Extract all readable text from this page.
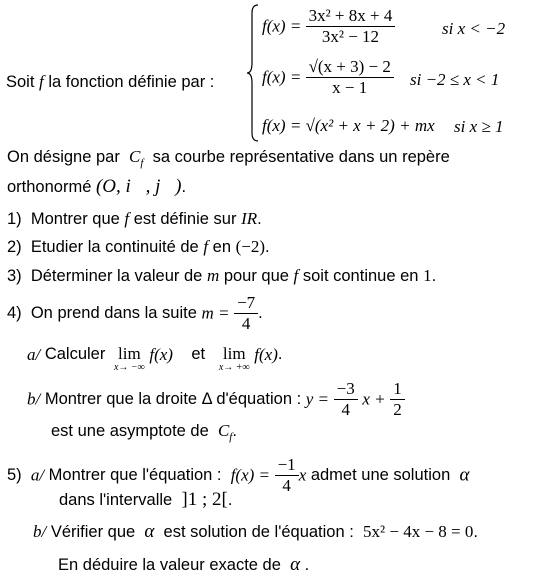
Soit f la fonction définie par :
$f(x) = \frac{\text{3x² + 8x + 4}}{\text{3x² − 12}}$	si x < −2
$f(x) = \frac{√(x + 3) - 2}{x - 1}$ si −2 ≤ x < 1
f(x) = √(x² + x + 2) + mx si x ≥ 1
On désigne par $C_f$ sa courbe représentative dans un repère
orthonormé (O, i⃗, j⃗).
1) Montrer que f est définie sur IR.
2) Etudier la continuité de f en (−2).
3) Déterminer la valeur de m pour que f soit continue en 1.
4) On prend dans la suite $m = \frac{-7}{4}$ .
a/ Calculer lim
x→ −∞
f(x) et lim
x→ +∞
f(x).
b/ Montrer que la droite Δ d'équation : $y = \frac{-3}{4}$ $x + \frac{1}{2}$
est une asymptote de $C_f$.
5) a/ Montrer que l'équation : $f(x) = \frac{-1}{4}$ x admet une solution α
dans l'intervalle ]1 ; 2[.
b/ Vérifier que α est solution de l'équation : 5x² − 4x − 8 = 0.
En déduire la valeur exacte de α .
